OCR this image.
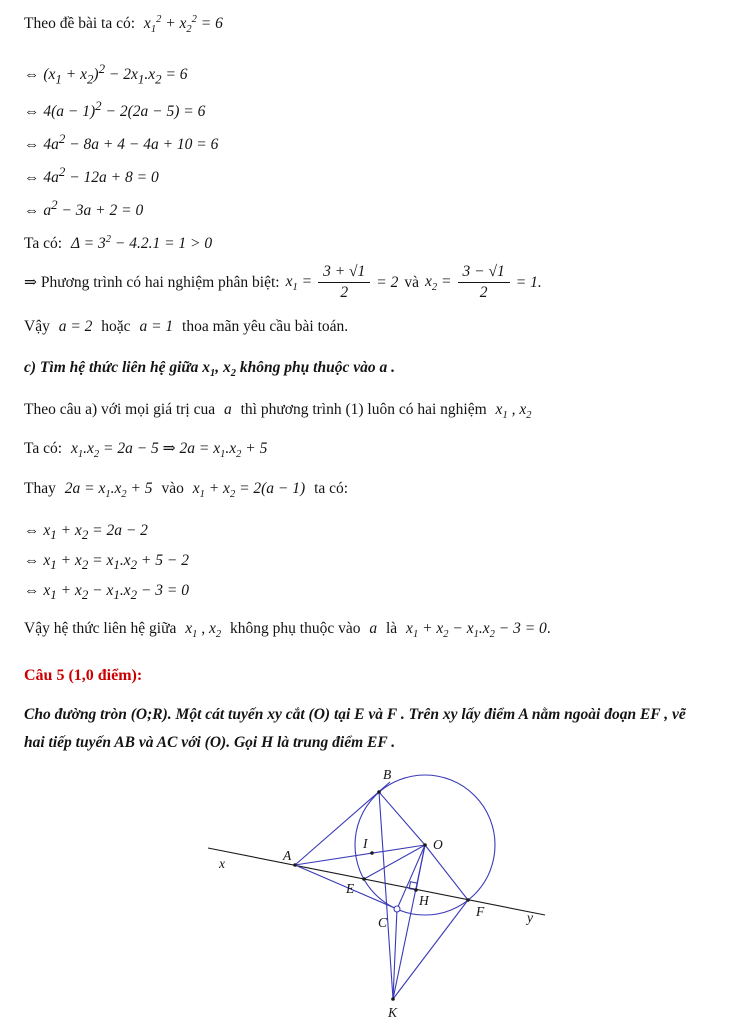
Theo đề bài ta có: $x_1^2 + x_2^2 = 6$

⇔ $(x_1 + x_2)^2 - 2x_1.x_2 = 6$

⇔ $4(a - 1)^2 - 2(2a - 5) = 6$

⇔ $4a^2 - 8a + 4 - 4a + 10 = 6$

⇔ $4a^2 - 12a + 8 = 0$

⇔ $a^2 - 3a + 2 = 0$

Ta có: $\Delta = 3^2 - 4.2.1 = 1 > 0$

⇒ Phương trình có hai nghiệm phân biệt: $x_1 = \frac{3 + √1}{2} = 2$ và $x_2 = \frac{3 - √1}{2} = 1$.

Vậy a = 2 hoặc a = 1 thoa mãn yêu cầu bài toán.

c) Tìm hệ thức liên hệ giữa $x_1$, $x_2$ không phụ thuộc vào a .

Theo câu a) với mọi giá trị cua a thì phương trình (1) luôn có hai nghiệm $x_1$ , $x_2$

Ta có: $x_1.x_2 = 2a - 5$ ⇒ $2a = x_1.x_2 + 5$

Thay $2a = x_1.x_2 + 5$ vào $x_1 + x_2 = 2(a - 1)$ ta có:

⇔ $x_1 + x_2 = 2a - 2$

⇔ $x_1 + x_2 = x_1.x_2 + 5 - 2$

⇔ $x_1 + x_2 - x_1.x_2 - 3 = 0$

Vậy hệ thức liên hệ giữa $x_1$ , $x_2$ không phụ thuộc vào a là $x_1 + x_2 - x_1.x_2 - 3 = 0$.

Câu 5 (1,0 điểm):

Cho đường tròn (O;R). Một cát tuyến xy cắt (O) tại E và F . Trên xy lấy điểm A nằm ngoài đoạn EF , vẽ hai tiếp tuyến AB và AC với (O). Gọi H là trung điểm EF .

B
O
I
A
x
E
H
C
F	y
K
